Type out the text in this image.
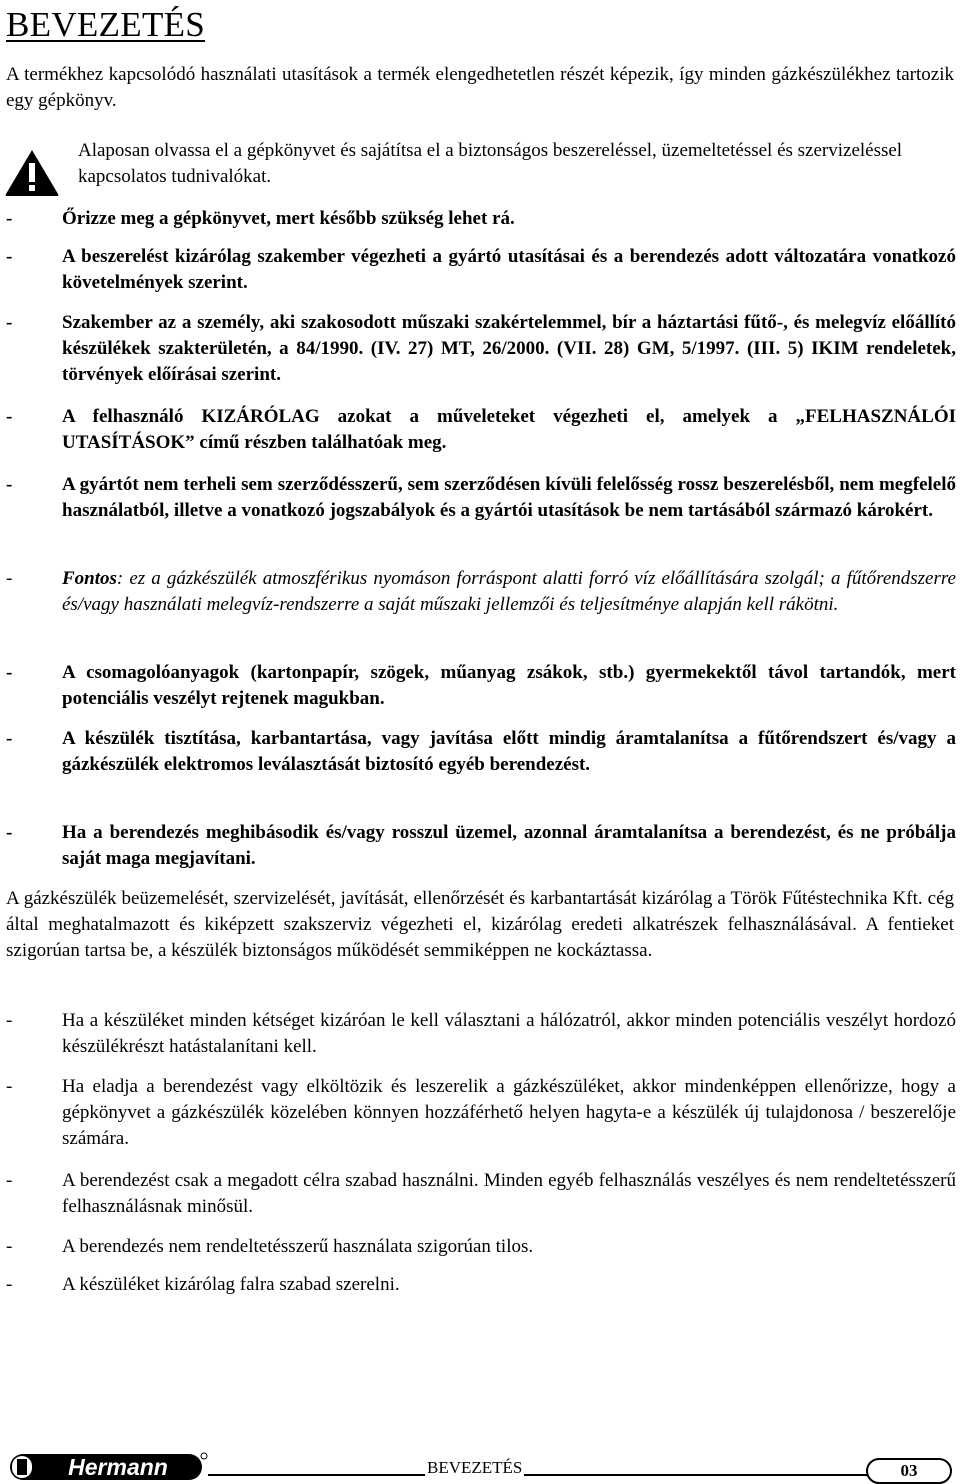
BEVEZETÉS
A termékhez kapcsolódó használati utasítások a termék elengedhetetlen részét képezik, így minden gázkészülékhez tartozik egy gépkönyv.
Alaposan olvassa el a gépkönyvet és sajátítsa el a biztonságos beszereléssel, üzemeltetéssel és szervizeléssel kapcsolatos tudnivalókat.
-	Őrizze meg a gépkönyvet, mert később szükség lehet rá.
-	A beszerelést kizárólag szakember végezheti a gyártó utasításai és a berendezés adott változatára vonatkozó követelmények szerint.
-	Szakember az a személy, aki szakosodott műszaki szakértelemmel, bír a háztartási fűtő-, és melegvíz előállító készülékek szakterületén, a 84/1990. (IV. 27) MT, 26/2000. (VII. 28) GM, 5/1997. (III. 5) IKIM rendeletek, törvények előírásai szerint.
-	A felhasználó KIZÁRÓLAG azokat a műveleteket végezheti el, amelyek a „FELHASZNÁLÓI UTASÍTÁSOK” című részben találhatóak meg.
-	A gyártót nem terheli sem szerződésszerű, sem szerződésen kívüli felelősség rossz beszerelésből, nem megfelelő használatból, illetve a vonatkozó jogszabályok és a gyártói utasítások be nem tartásából származó károkért.
-	Fontos: ez a gázkészülék atmoszférikus nyomáson forráspont alatti forró víz előállítására szolgál; a fűtőrendszerre és/vagy használati melegvíz-rendszerre a saját műszaki jellemzői és teljesítménye alapján kell rákötni.
-	A csomagolóanyagok (kartonpapír, szögek, műanyag zsákok, stb.) gyermekektől távol tartandók, mert potenciális veszélyt rejtenek magukban.
-	A készülék tisztítása, karbantartása, vagy javítása előtt mindig áramtalanítsa a fűtőrendszert és/vagy a gázkészülék elektromos leválasztását biztosító egyéb berendezést.
-	Ha a berendezés meghibásodik és/vagy rosszul üzemel, azonnal áramtalanítsa a berendezést, és ne próbálja saját maga megjavítani.
A gázkészülék beüzemelését, szervizelését, javítását, ellenőrzését és karbantartását kizárólag a Török Fűtéstechnika Kft. cég által meghatalmazott és kiképzett szakszerviz végezheti el, kizárólag eredeti alkatrészek felhasználásával. A fentieket szigorúan tartsa be, a készülék biztonságos működését semmiképpen ne kockáztassa.
-	Ha a készüléket minden kétséget kizáróan le kell választani a hálózatról, akkor minden potenciális veszélyt hordozó készülékrészt hatástalanítani kell.
-	Ha eladja a berendezést vagy elköltözik és leszerelik a gázkészüléket, akkor mindenképpen ellenőrizze, hogy a gépkönyvet a gázkészülék közelében könnyen hozzáférhető helyen hagyta-e a készülék új tulajdonosa / beszerelője számára.
-	A berendezést csak a megadott célra szabad használni. Minden egyéb felhasználás veszélyes és nem rendeltetésszerű felhasználásnak minősül.
-	A berendezés nem rendeltetésszerű használata szigorúan tilos.
-	A készüléket kizárólag falra szabad szerelni.
Hermann	BEVEZETÉS	03
